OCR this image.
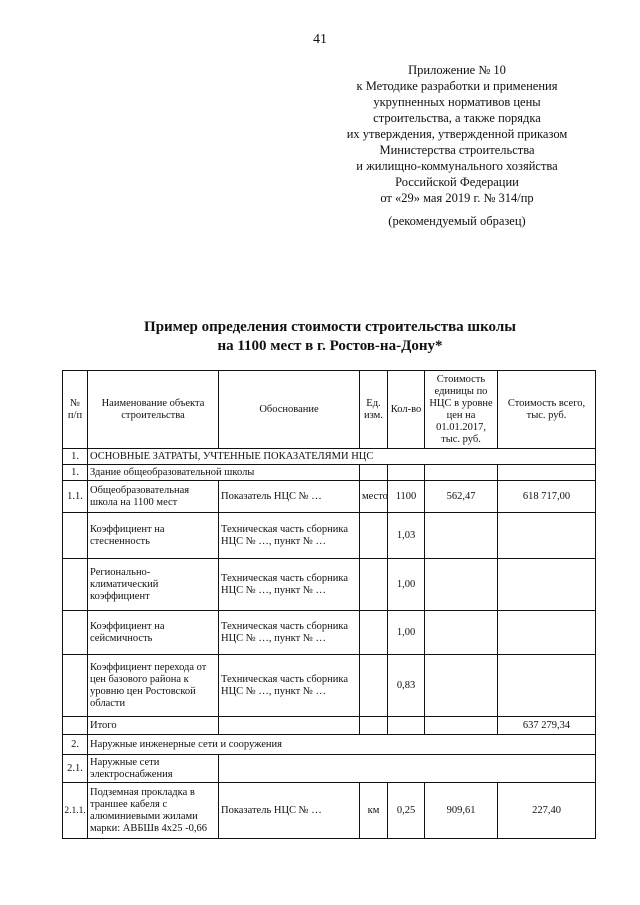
41
Приложение № 10
к Методике разработки и применения
укрупненных нормативов цены
строительства, а также порядка
их утверждения, утвержденной приказом
Министерства строительства
и жилищно-коммунального хозяйства
Российской Федерации
от «29» мая 2019 г. № 314/пр
(рекомендуемый образец)
Пример определения стоимости строительства школы
на 1100 мест в г. Ростов-на-Дону*
№ п/п	Наименование объекта строительства	Обоснование	Ед. изм.	Кол-во	Стоимость единицы по НЦС в уровне цен на 01.01.2017, тыс. руб.	Стоимость всего, тыс. руб.
1.	ОСНОВНЫЕ ЗАТРАТЫ, УЧТЕННЫЕ ПОКАЗАТЕЛЯМИ НЦС					
1.	Здание общеобразовательной школы					
1.1.	Общеобразовательная школа на 1100 мест	Показатель НЦС № …	место	1100	562,47	618 717,00
	Коэффициент на стесненность	Техническая часть сборника НЦС № …, пункт № …		1,03		
	Регионально-климатический коэффициент	Техническая часть сборника НЦС № …, пункт № …		1,00		
	Коэффициент на сейсмичность	Техническая часть сборника НЦС № …, пункт № …		1,00		
	Коэффициент перехода от цен базового района к уровню цен Ростовской области	Техническая часть сборника НЦС № …, пункт № …		0,83		
	Итого					637 279,34
2.	Наружные инженерные сети и сооружения					
2.1.	Наружные сети электроснабжения					
2.1.1.	Подземная прокладка в траншее кабеля с алюминиевыми жилами марки: АВБШв 4х25 -0,66	Показатель НЦС № …	км	0,25	909,61	227,40
